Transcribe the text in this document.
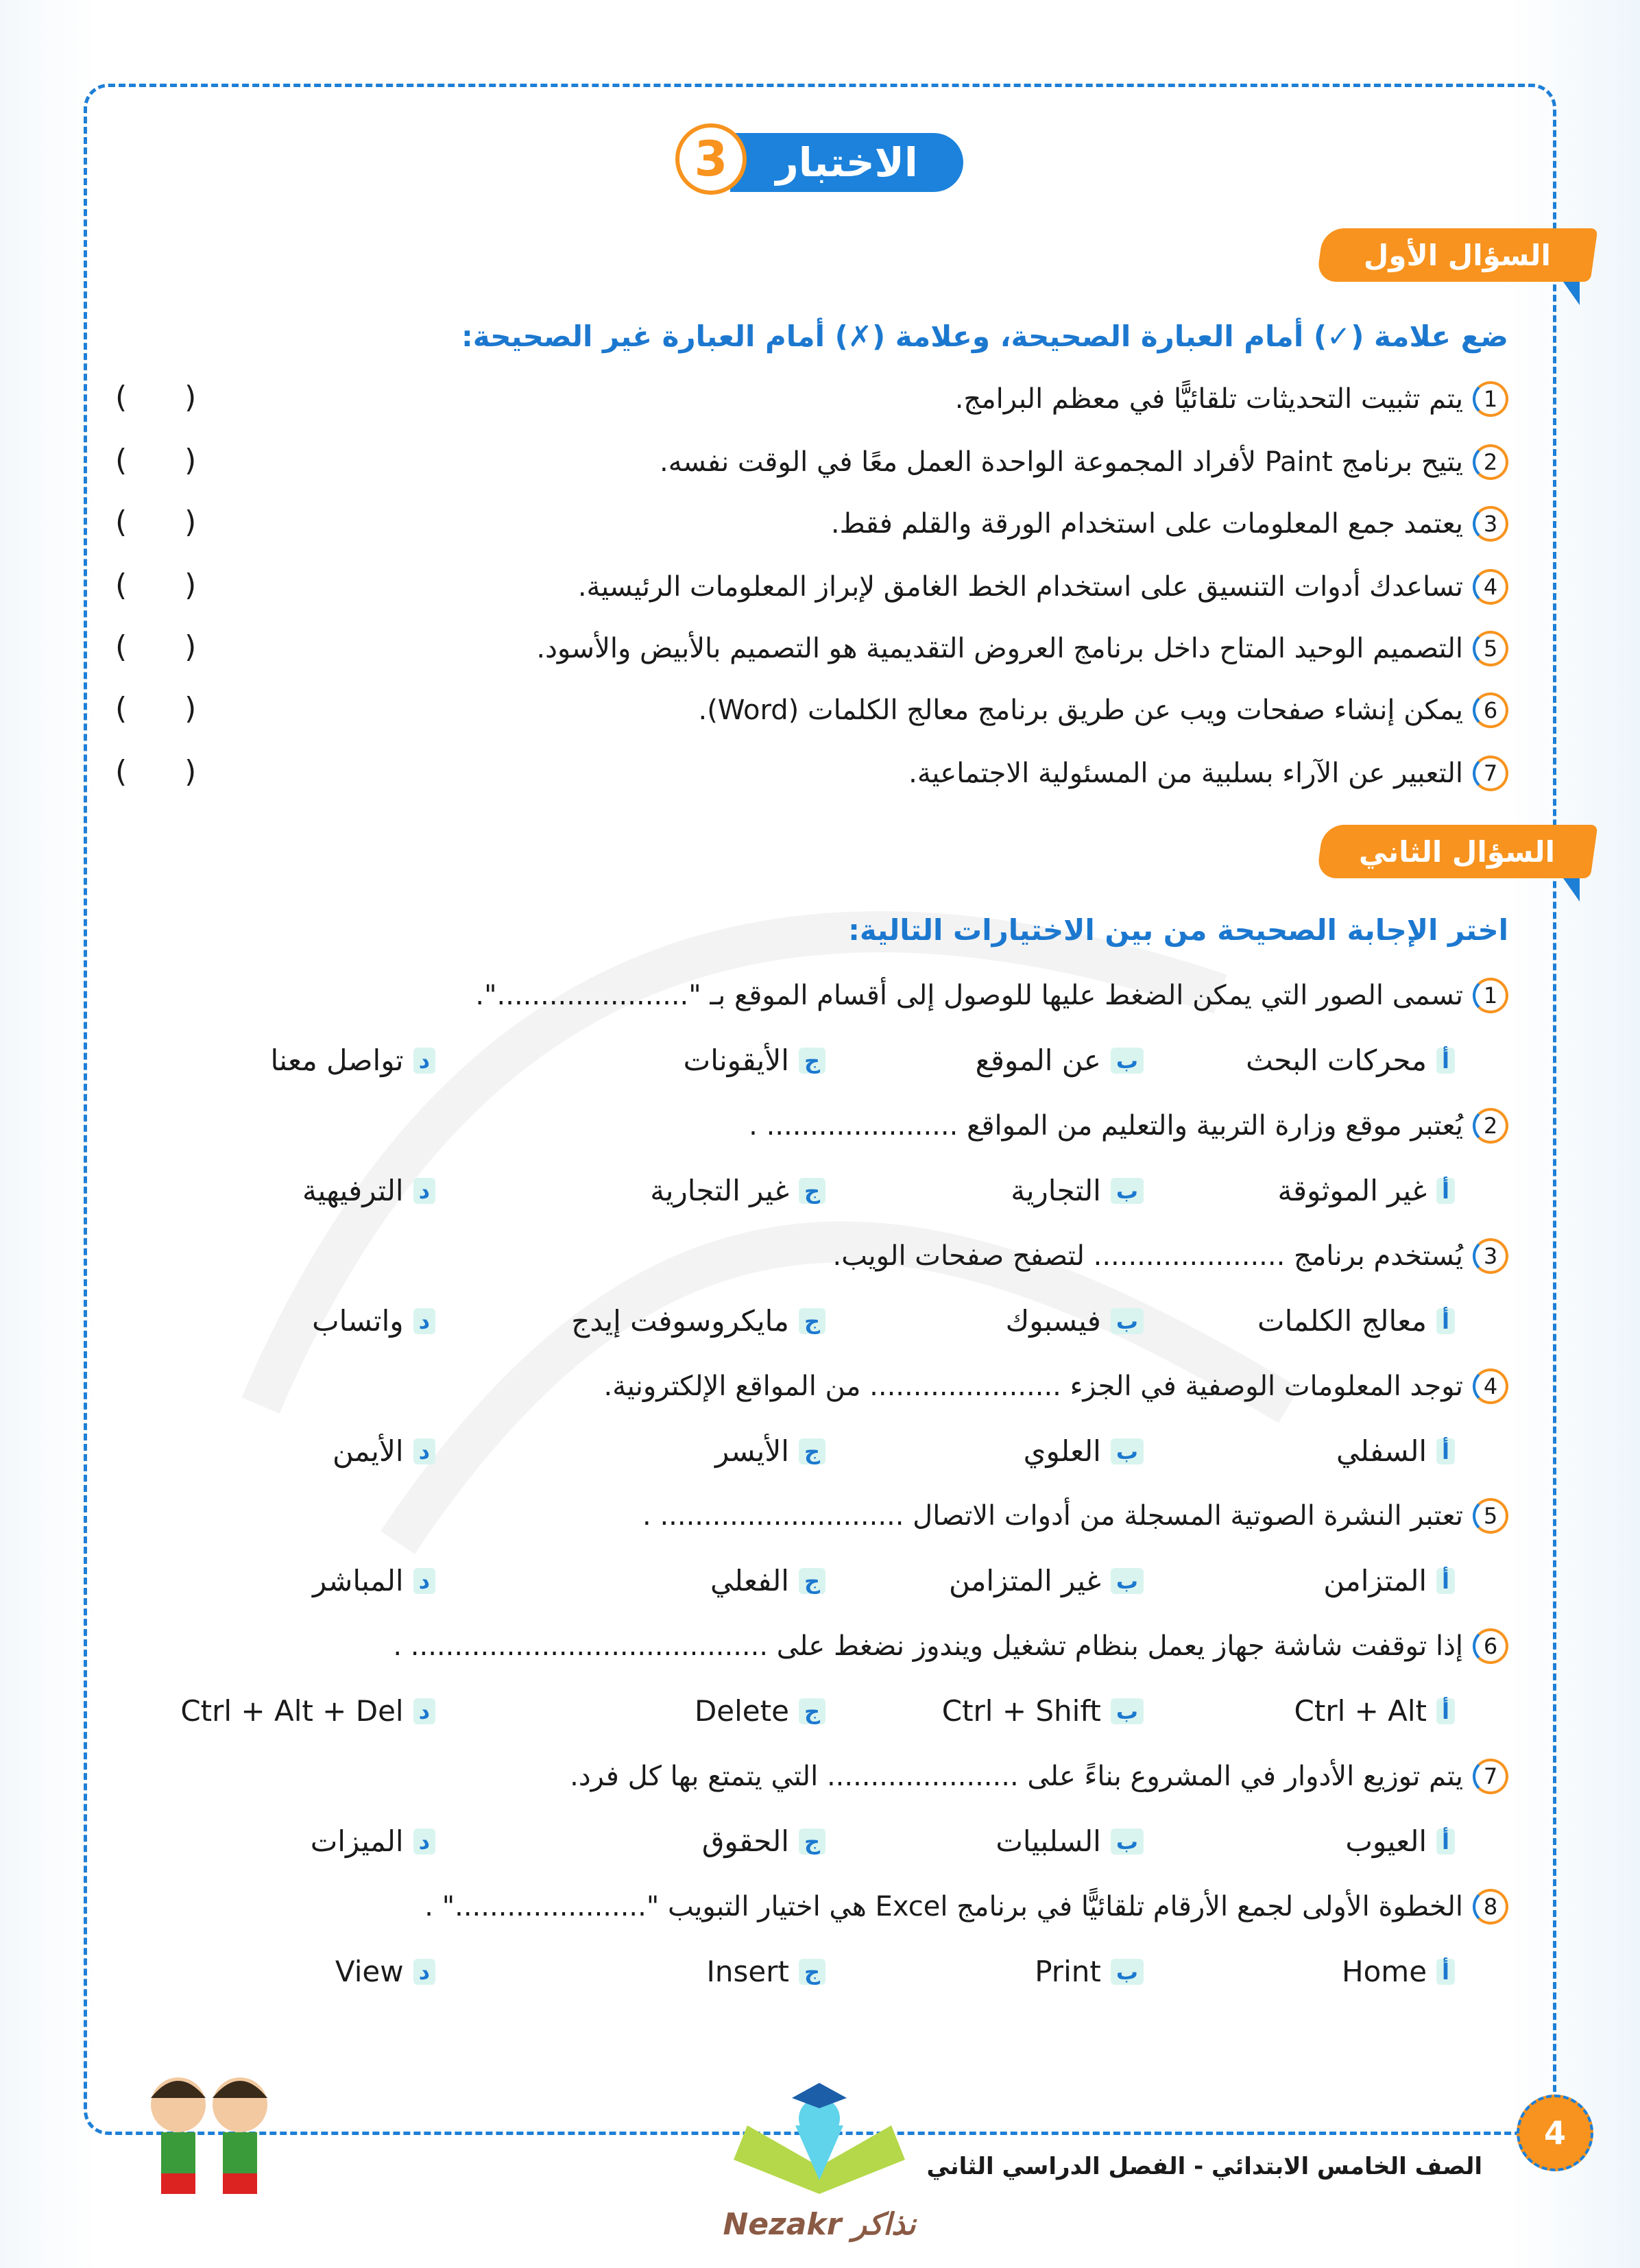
الاختبار
3
السؤال الأول
ضع علامة (✓) أمام العبارة الصحيحة، وعلامة (✗) أمام العبارة غير الصحيحة:
1
يتم تثبيت التحديثات تلقائيًّا في معظم البرامج.
(      )
2
يتيح برنامج Paint لأفراد المجموعة الواحدة العمل معًا في الوقت نفسه.
(      )
3
يعتمد جمع المعلومات على استخدام الورقة والقلم فقط.
(      )
4
تساعدك أدوات التنسيق على استخدام الخط الغامق لإبراز المعلومات الرئيسية.
(      )
5
التصميم الوحيد المتاح داخل برنامج العروض التقديمية هو التصميم بالأبيض والأسود.
(      )
6
يمكن إنشاء صفحات ويب عن طريق برنامج معالج الكلمات (Word).
(      )
7
التعبير عن الآراء بسلبية من المسئولية الاجتماعية.
(      )
السؤال الثاني
اختر الإجابة الصحيحة من بين الاختيارات التالية:
1
تسمى الصور التي يمكن الضغط عليها للوصول إلى أقسام الموقع بـ "......................".
أ
محركات البحث
ب
عن الموقع
ج
الأيقونات
د
تواصل معنا
2
يُعتبر موقع وزارة التربية والتعليم من المواقع ...................... .
أ
غير الموثوقة
ب
التجارية
ج
غير التجارية
د
الترفيهية
3
يُستخدم برنامج ...................... لتصفح صفحات الويب.
أ
معالج الكلمات
ب
فيسبوك
ج
مايكروسوفت إيدج
د
واتساب
4
توجد المعلومات الوصفية في الجزء ...................... من المواقع الإلكترونية.
أ
السفلي
ب
العلوي
ج
الأيسر
د
الأيمن
5
تعتبر النشرة الصوتية المسجلة من أدوات الاتصال ............................ .
أ
المتزامن
ب
غير المتزامن
ج
الفعلي
د
المباشر
6
إذا توقفت شاشة جهاز يعمل بنظام تشغيل ويندوز نضغط على ......................................... .
أ
Ctrl + Alt
ب
Ctrl + Shift
ج
Delete
د
Ctrl + Alt + Del
7
يتم توزيع الأدوار في المشروع بناءً على ...................... التي يتمتع بها كل فرد.
أ
العيوب
ب
السلبيات
ج
الحقوق
د
الميزات
8
الخطوة الأولى لجمع الأرقام تلقائيًّا في برنامج Excel هي اختيار التبويب "......................" .
أ
Home
ب
Print
ج
Insert
د
View
Nezakr نذاكر
الصف الخامس الابتدائي - الفصل الدراسي الثاني
4
